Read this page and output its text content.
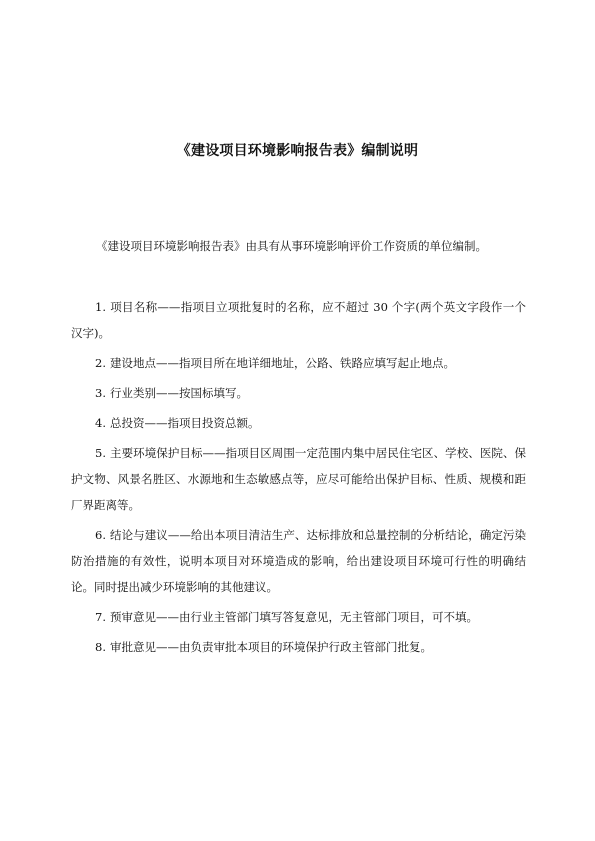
《建设项目环境影响报告表》编制说明
《建设项目环境影响报告表》由具有从事环境影响评价工作资质的单位编制。
1. 项目名称——指项目立项批复时的名称，应不超过 30 个字(两个英文字段作一个汉字)。
2. 建设地点——指项目所在地详细地址，公路、铁路应填写起止地点。
3. 行业类别——按国标填写。
4. 总投资——指项目投资总额。
5. 主要环境保护目标——指项目区周围一定范围内集中居民住宅区、学校、医院、保护文物、风景名胜区、水源地和生态敏感点等，应尽可能给出保护目标、性质、规模和距厂界距离等。
6. 结论与建议——给出本项目清洁生产、达标排放和总量控制的分析结论，确定污染防治措施的有效性，说明本项目对环境造成的影响，给出建设项目环境可行性的明确结论。同时提出减少环境影响的其他建议。
7. 预审意见——由行业主管部门填写答复意见，无主管部门项目，可不填。
8. 审批意见——由负责审批本项目的环境保护行政主管部门批复。
